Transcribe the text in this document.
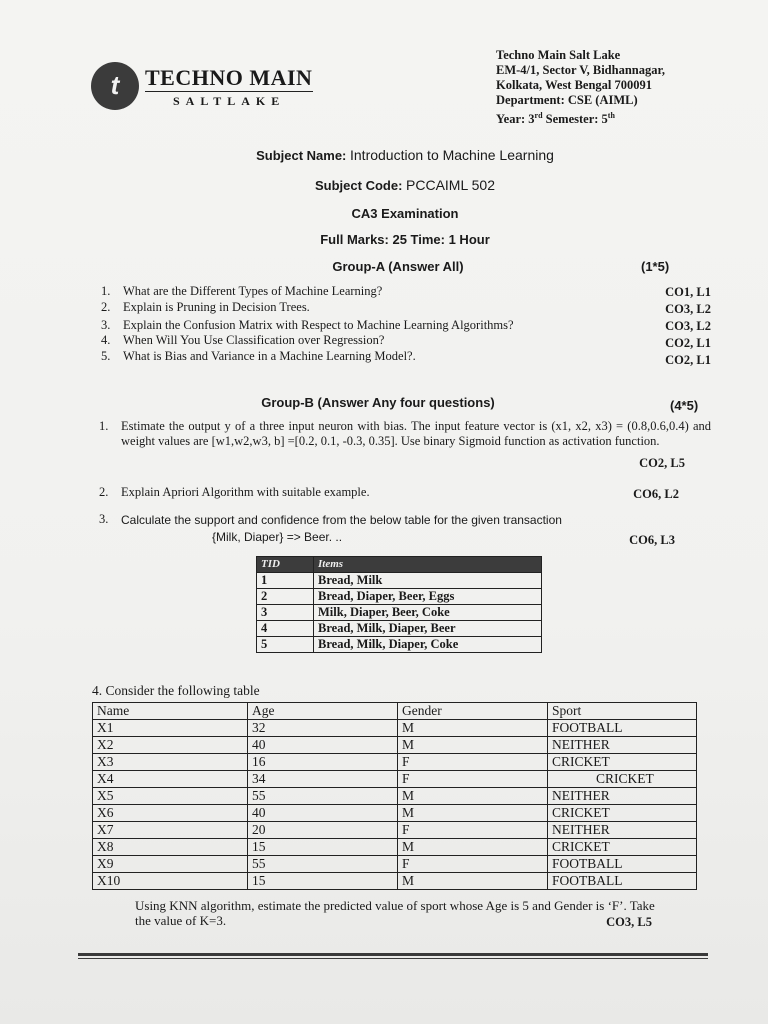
t	TECHNO MAIN
SALTLAKE
Techno Main Salt Lake
EM-4/1, Sector V, Bidhannagar,
Kolkata, West Bengal 700091
Department: CSE (AIML)
Year: 3rd Semester: 5th
Subject Name: Introduction to Machine Learning
Subject Code: PCCAIML 502
CA3 Examination
Full Marks: 25 Time: 1 Hour
Group-A (Answer All)	(1*5)
1. What are the Different Types of Machine Learning?	CO1, L1
2. Explain is Pruning in Decision Trees.	CO3, L2
3. Explain the Confusion Matrix with Respect to Machine Learning Algorithms?	CO3, L2
4. When Will You Use Classification over Regression?	CO2, L1
5. What is Bias and Variance in a Machine Learning Model?.	CO2, L1
Group-B (Answer Any four questions)	(4*5)
1. Estimate the output y of a three input neuron with bias. The input feature vector is (x1, x2, x3) = (0.8,0.6,0.4) and weight values are [w1,w2,w3, b] =[0.2, 0.1, -0.3, 0.35]. Use binary Sigmoid function as activation function.
CO2, L5
2. Explain Apriori Algorithm with suitable example.	CO6, L2
3. Calculate the support and confidence from the below table for the given transaction
{Milk, Diaper} => Beer. ..	CO6, L3
TID	Items
1	Bread, Milk
2	Bread, Diaper, Beer, Eggs
3	Milk, Diaper, Beer, Coke
4	Bread, Milk, Diaper, Beer
5	Bread, Milk, Diaper, Coke
4. Consider the following table
Name	Age	Gender	Sport
X1	32	M	FOOTBALL
X2	40	M	NEITHER
X3	16	F	CRICKET
X4	34	F	CRICKET
X5	55	M	NEITHER
X6	40	M	CRICKET
X7	20	F	NEITHER
X8	15	M	CRICKET
X9	55	F	FOOTBALL
X10	15	M	FOOTBALL
Using KNN algorithm, estimate the predicted value of sport whose Age is 5 and Gender is ‘F’. Take
the value of K=3.	CO3, L5
